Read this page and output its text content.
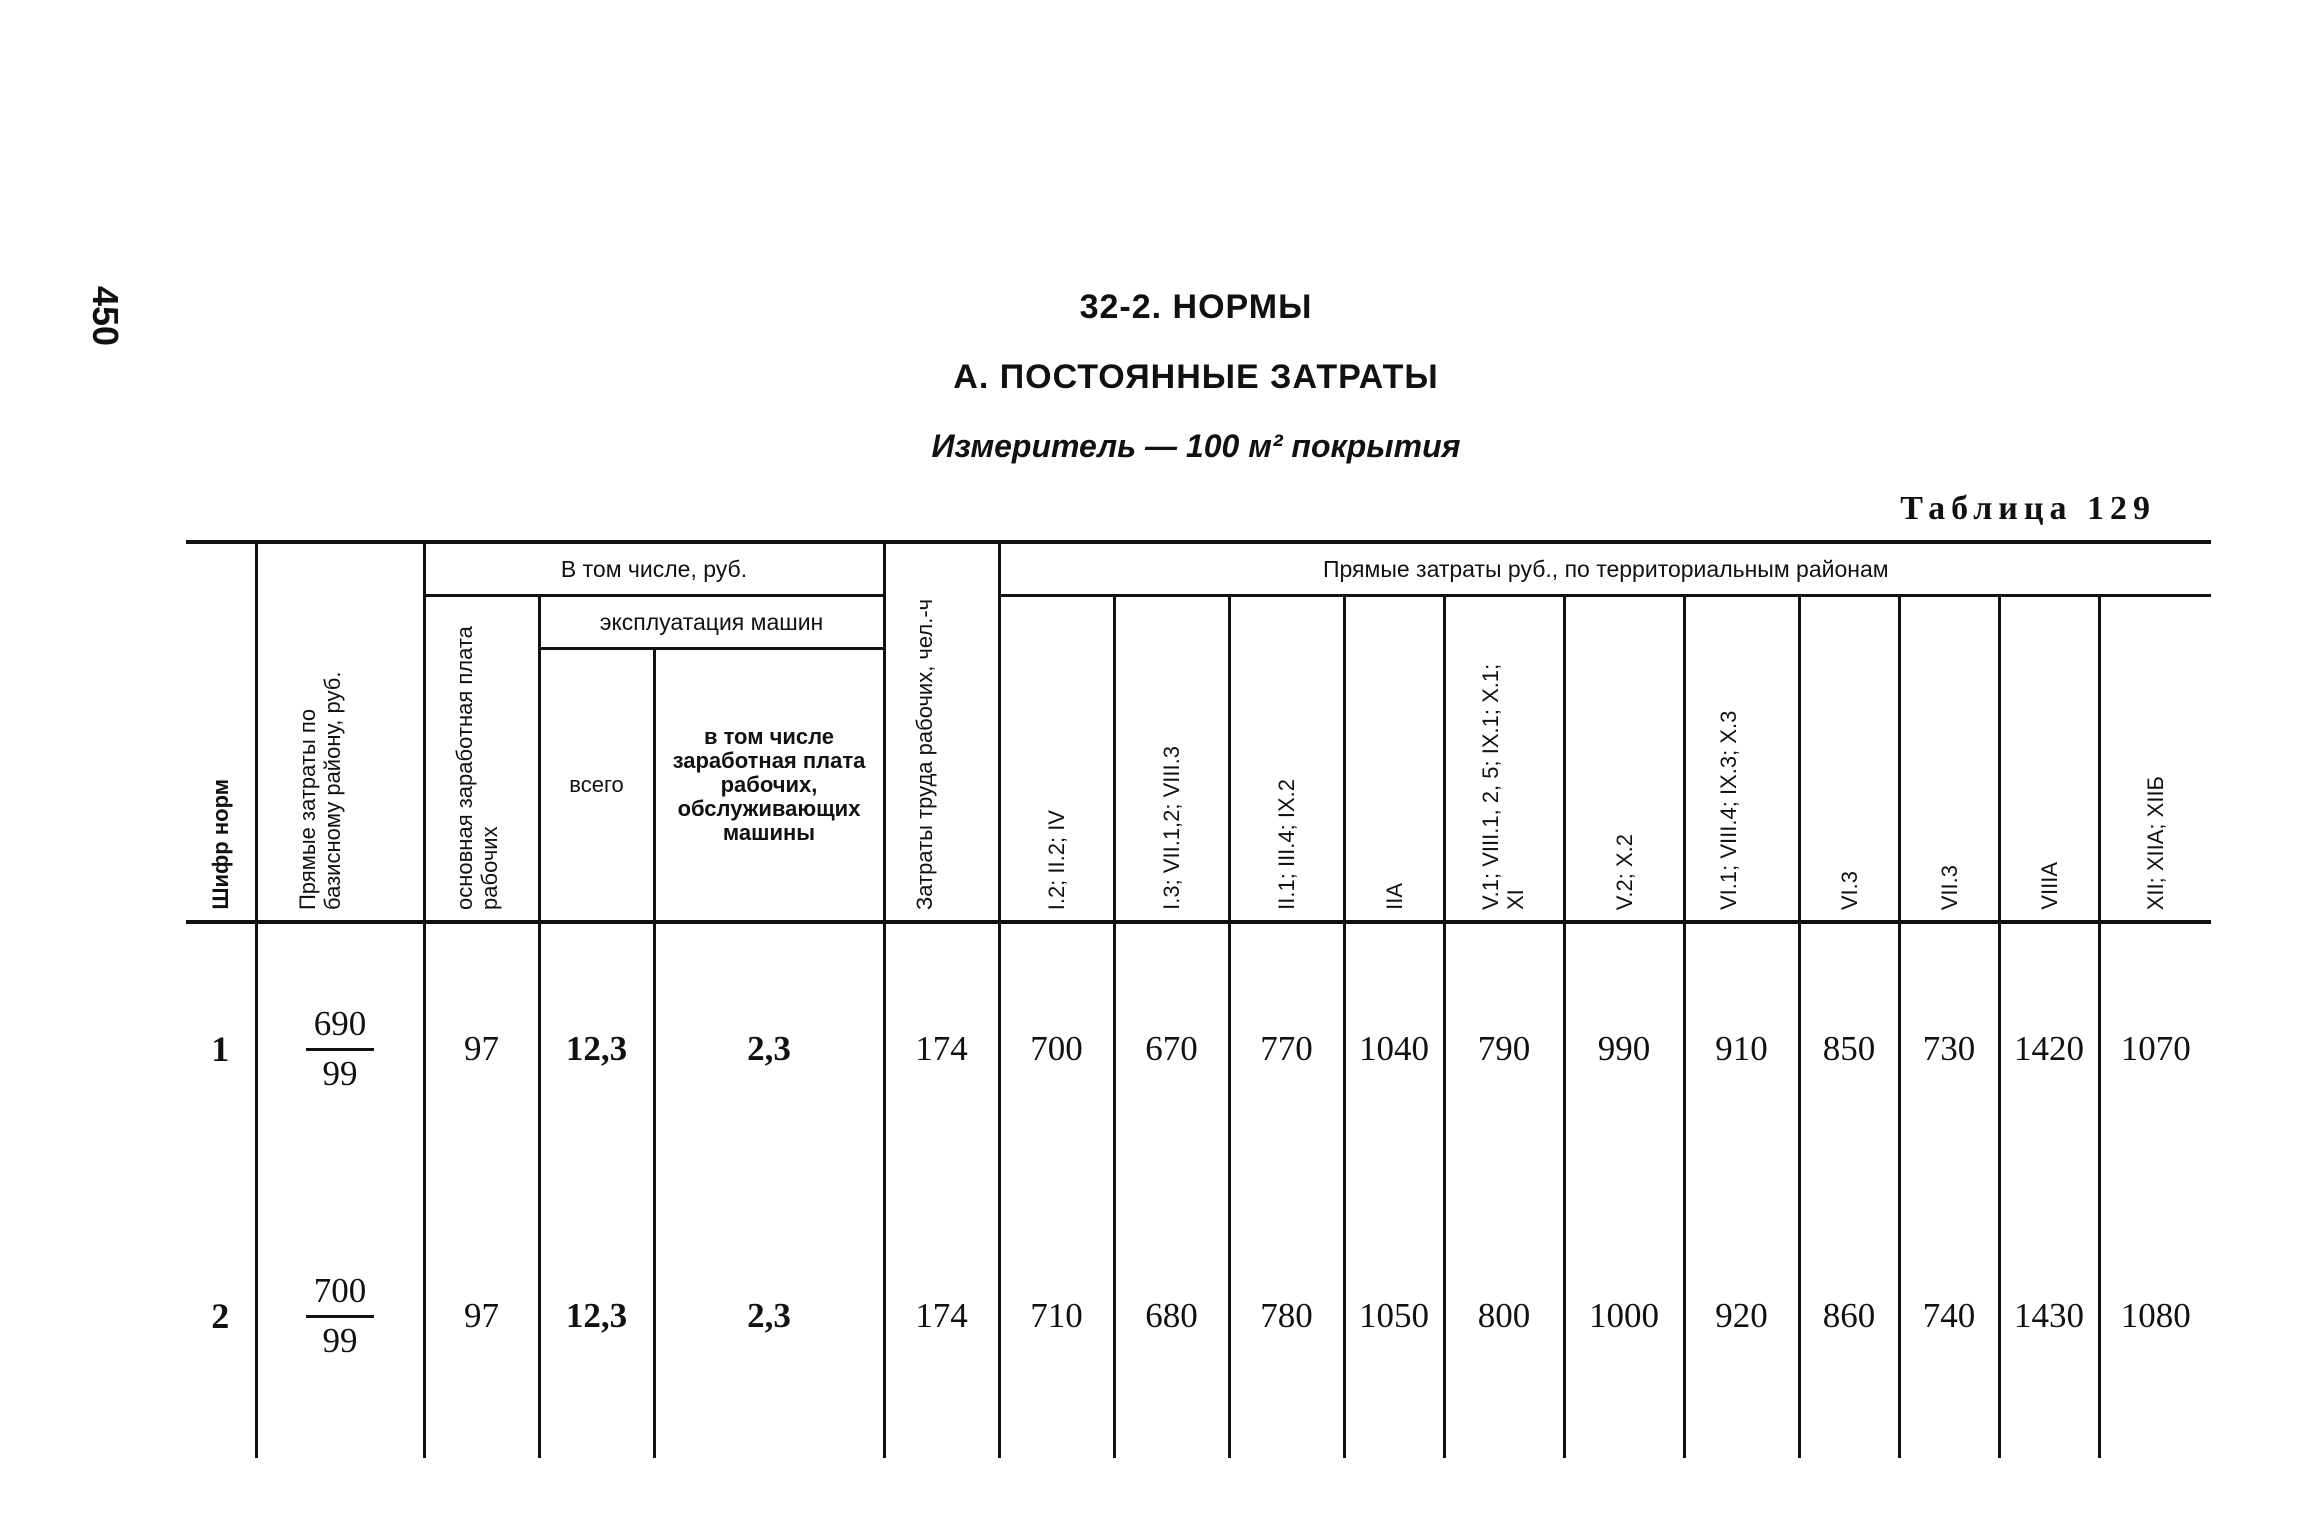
450	32-2. НОРМЫ
А. ПОСТОЯННЫЕ ЗАТРАТЫ
Измеритель — 100 м² покрытия
Таблица 129
Шифр норм	Прямые затраты по базисному району, руб.	В том числе, руб.			Затраты труда рабочих, чел.-ч	Прямые затраты руб., по территориальным районам										

		основная заработная плата рабочих	эксплуатация машин			I.2; II.2; IV	I.3; VII.1,2; VIII.3	II.1; III.4; IX.2	IIA	V.1; VIII.1, 2, 5; IX.1; X.1; XI	V.2; X.2	VI.1; VIII.4; IX.3; X.3	VI.3	VII.3	VIIIA	XII; XIIA; XIIБ

			всего	в том числе заработная плата рабочих, обслуживающих машины												
1	$\frac{690}{99}$	97	12,3	2,3	174	700	670	770	1040	790	990	910	850	730	1420	1070
2	$\frac{700}{99}$	97	12,3	2,3	174	710	680	780	1050	800	1000	920	860	740	1430	1080
